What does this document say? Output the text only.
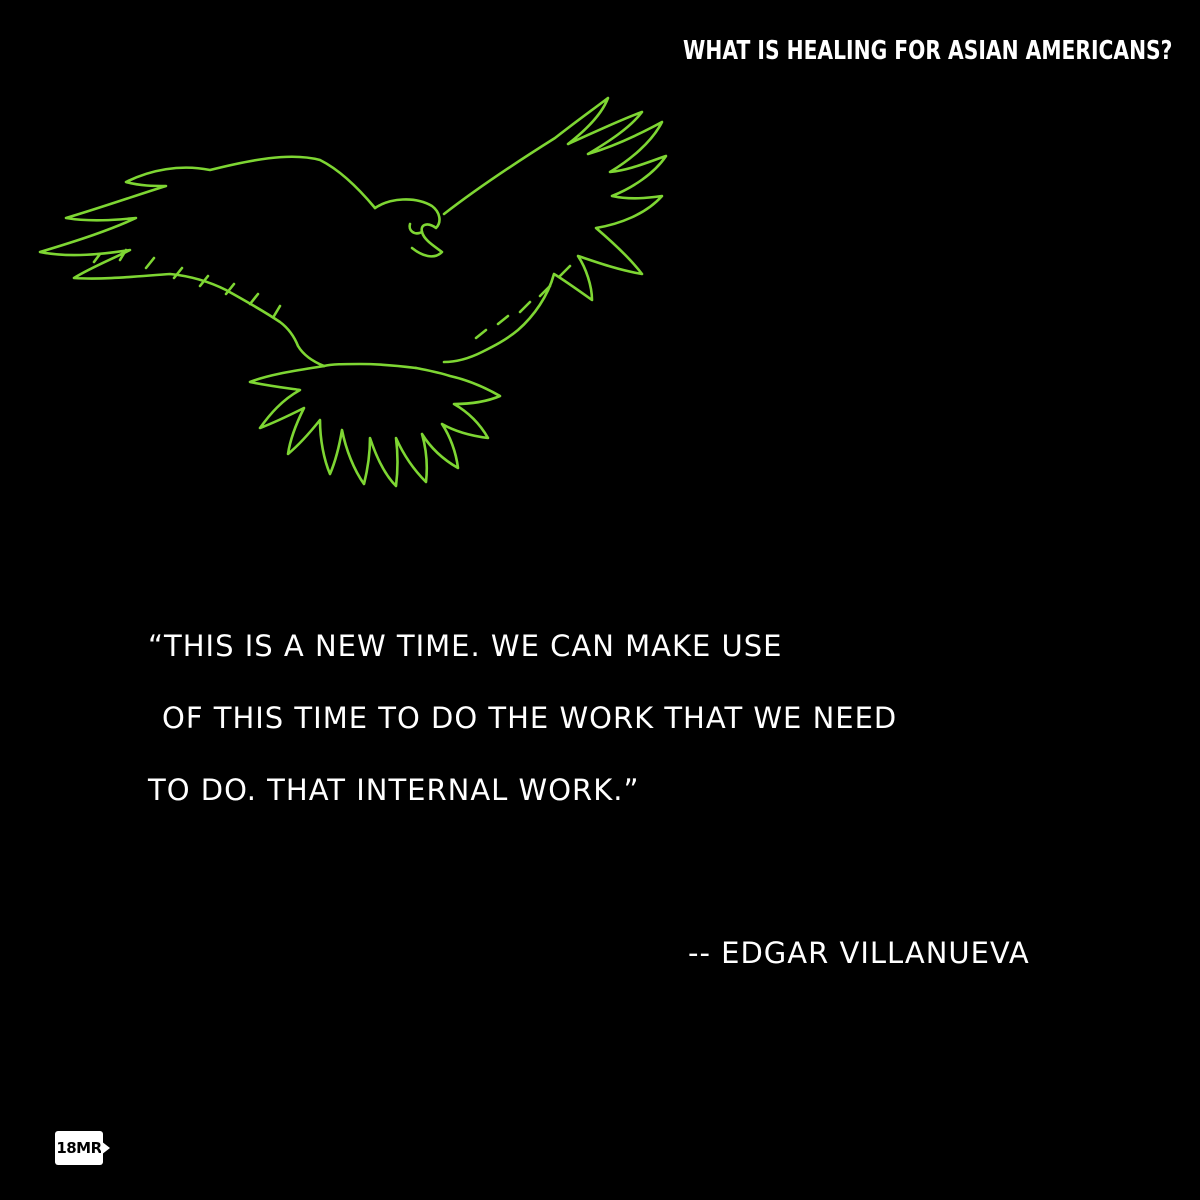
WHAT IS HEALING FOR ASIAN AMERICANS?
“THIS IS A NEW TIME. WE CAN MAKE USE
OF THIS TIME TO DO THE WORK THAT WE NEED
TO DO. THAT INTERNAL WORK.”
-- EDGAR VILLANUEVA
18MR
